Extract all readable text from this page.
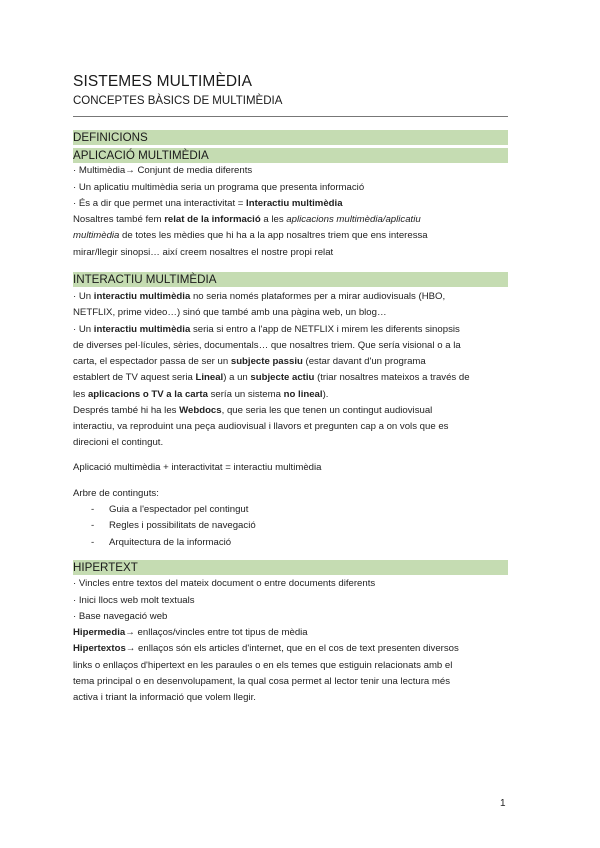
SISTEMES MULTIMÈDIA
CONCEPTES BÀSICS DE MULTIMÈDIA
DEFINICIONS
APLICACIÓ MULTIMÈDIA
· Multimèdia→ Conjunt de media diferents
· Un aplicatiu multimèdia seria un programa que presenta informació
· És a dir que permet una interactivitat = Interactiu multimèdia
Nosaltres també fem relat de la informació a les aplicacions multimèdia/aplicatiu
multimèdia de totes les mèdies que hi ha a la app nosaltres triem que ens interessa
mirar/llegir sinopsi… així creem nosaltres el nostre propi relat
INTERACTIU MULTIMÈDIA
· Un interactiu multimèdia no seria només plataformes per a mirar audiovisuals (HBO,
NETFLIX, prime video…) sinó que també amb una pàgina web, un blog…
· Un interactiu multimèdia seria si entro a l'app de NETFLIX i mirem les diferents sinopsis
de diverses pel·lícules, sèries, documentals… que nosaltres triem. Que sería visional o a la
carta, el espectador passa de ser un subjecte passiu (estar davant d'un programa
establert de TV aquest seria Lineal) a un subjecte actiu (triar nosaltres mateixos a través de
les aplicacions o TV a la carta sería un sistema no lineal).
Després també hi ha les Webdocs, que seria les que tenen un contingut audiovisual
interactiu, va reproduint una peça audiovisual i llavors et pregunten cap a on vols que es
direcioni el contingut.
Aplicació multimèdia + interactivitat = interactiu multimèdia
Arbre de continguts:
- Guia a l'espectador pel contingut
- Regles i possibilitats de navegació
- Arquitectura de la informació
HIPERTEXT
· Vincles entre textos del mateix document o entre documents diferents
· Inici llocs web molt textuals
· Base navegació web
Hipermedia→ enllaços/vincles entre tot tipus de mèdia
Hipertextos→ enllaços són els articles d'internet, que en el cos de text presenten diversos
links o enllaços d'hipertext en les paraules o en els temes que estiguin relacionats amb el
tema principal o en desenvolupament, la qual cosa permet al lector tenir una lectura més
activa i triant la informació que volem llegir.
1
